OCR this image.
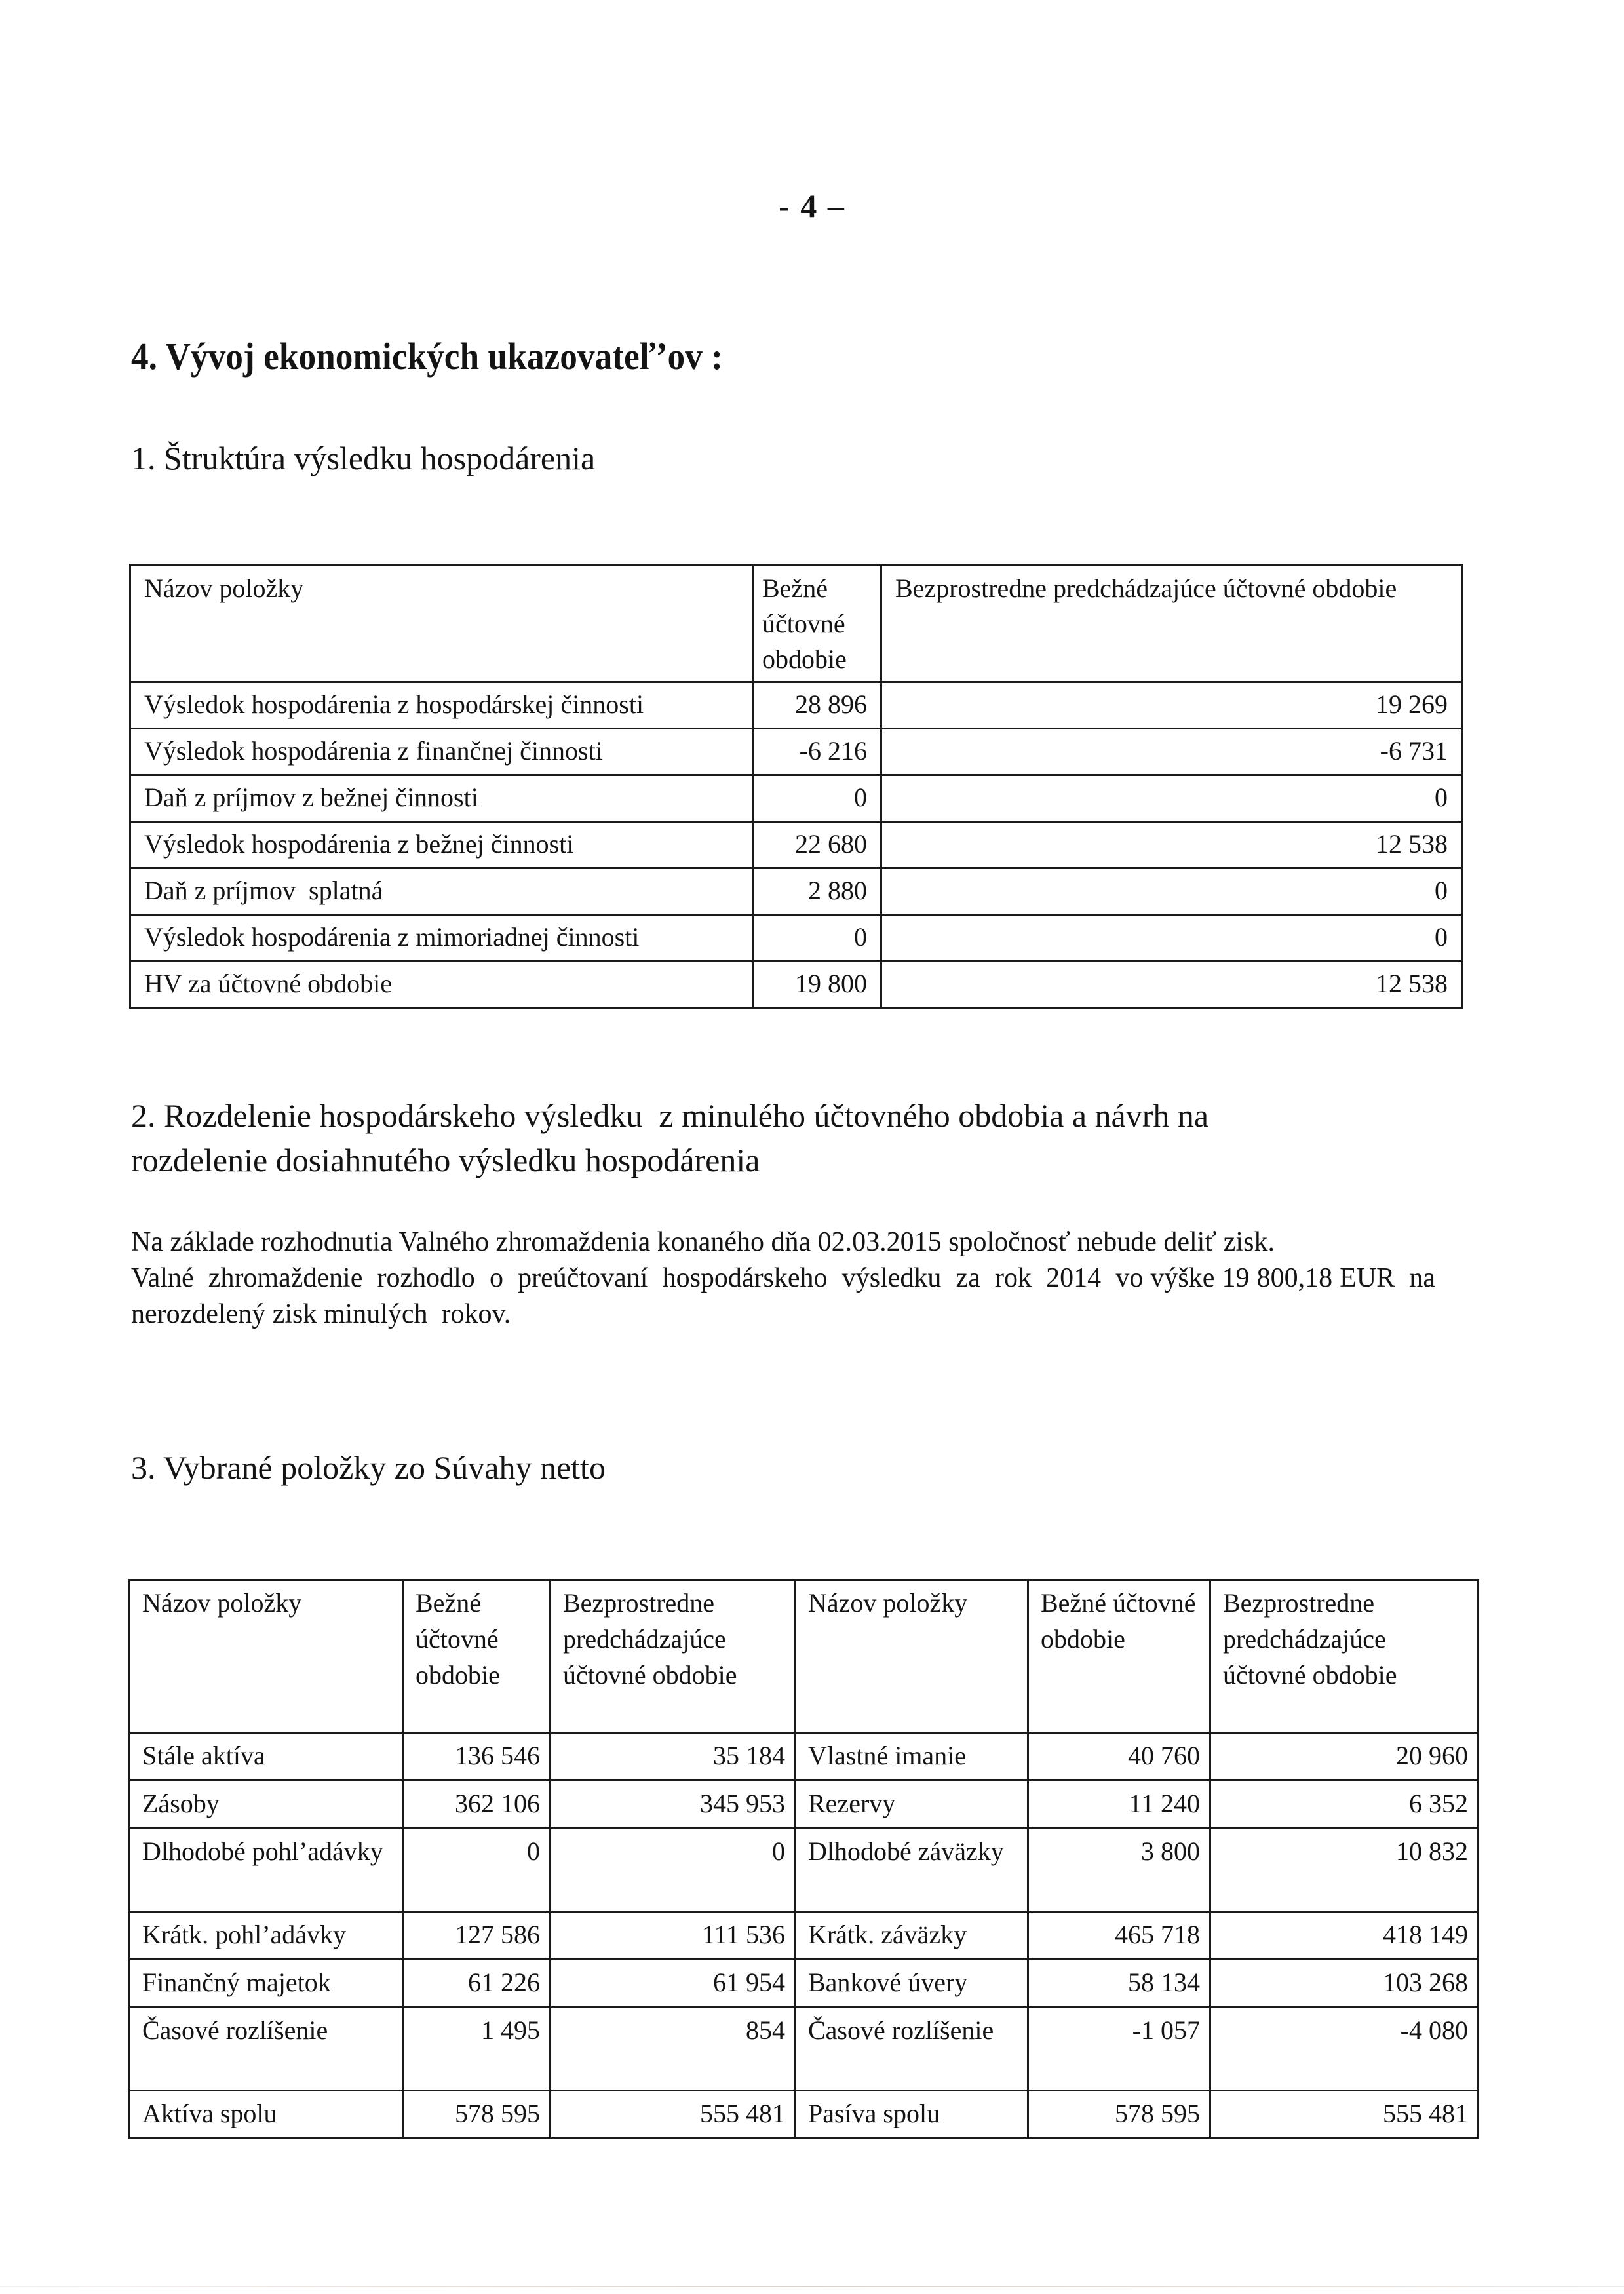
- 4 –
4. Vývoj ekonomických ukazovateľ’ov :
1. Štruktúra výsledku hospodárenia
Názov položky	Bežné účtovné obdobie	Bezprostredne predchádzajúce účtovné obdobie
Výsledok hospodárenia z hospodárskej činnosti	28 896	19 269
Výsledok hospodárenia z finančnej činnosti	-6 216	-6 731
Daň z príjmov z bežnej činnosti	0	0
Výsledok hospodárenia z bežnej činnosti	22 680	12 538
Daň z príjmov  splatná	2 880	0
Výsledok hospodárenia z mimoriadnej činnosti	0	0
HV za účtovné obdobie	19 800	12 538
2. Rozdelenie hospodárskeho výsledku  z minulého účtovného obdobia a návrh na
rozdelenie dosiahnutého výsledku hospodárenia

Na základe rozhodnutia Valného zhromaždenia konaného dňa 02.03.2015 spoločnosť nebude deliť zisk.

Valné  zhromaždenie  rozhodlo  o  preúčtovaní  hospodárskeho  výsledku  za  rok  2014  vo výške 19 800,18 EUR  na nerozdelený zisk minulých  rokov.

3. Vybrané položky zo Súvahy netto
Názov položky	Bežné účtovné obdobie	Bezprostredne predchádzajúce účtovné obdobie	Názov položky	Bežné účtovné obdobie	Bezprostredne predchádzajúce účtovné obdobie
Stále aktíva	136 546	35 184	Vlastné imanie	40 760	20 960
Zásoby	362 106	345 953	Rezervy	11 240	6 352
Dlhodobé pohl’adávky	0	0	Dlhodobé záväzky	3 800	10 832
Krátk. pohl’adávky	127 586	111 536	Krátk. záväzky	465 718	418 149
Finančný majetok	61 226	61 954	Bankové úvery	58 134	103 268
Časové rozlíšenie	1 495	854	Časové rozlíšenie	-1 057	-4 080
Aktíva spolu	578 595	555 481	Pasíva spolu	578 595	555 481
